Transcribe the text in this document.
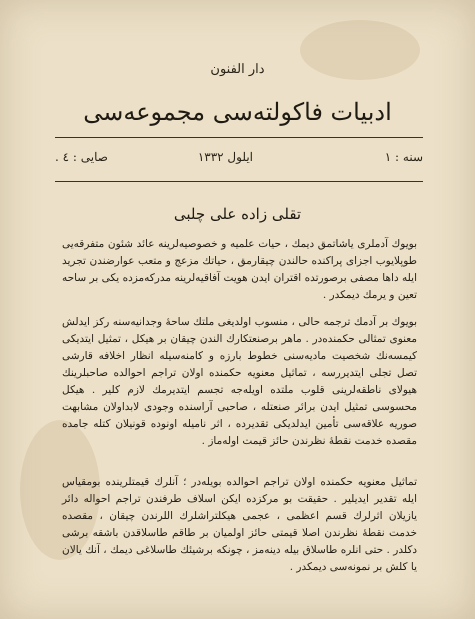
دار الفنون
ادبیات فاکولته‌سی مجموعه‌سی
سنه : ١
ایلول ١٣٣٢
صایی : ٤ .
تقلی زاده علی چلبی

بویوك آدملری یاشاتمق دیمك ، حیات علمیه و خصوصیه‌لرینه عائد شئون متفرقه‌یی طوپلایوب اجزای پراکنده حالندن چیقارمق ، حیاتك مزعج و متعب عوارضندن تجرید ایله داها مصفی برصورتده اقتران ایدن هویت آفاقیه‌لرینه مدرکه‌مزده یکی بر ساحه تعین و یرمك دیمکدر .

بویوك بر آدمك ترجمه حالی ، منسوب اولدیغی ملتك ساحهٔ وجدانیه‌سنه رکز ایدلش معنوی تمثالی حکمنده‌در . ماهر برصنعتکارك الندن چیقان بر هیکل ، تمثیل ایتدیکی کیمسه‌نك شخصیت مادیه‌سنی خطوط بارزه و کامنه‌سیله انظار اخلافه قارشی تصل تجلی ایتدیررسه ، تماثیل معنویه حکمنده اولان تراجم احوالده صاحبلرینك هیولای ناطقه‌لرینی قلوب ملتده اویله‌جه تجسم ایتدیرمك لازم کلیر . هیکل محسوسی تمثیل ایدن برائر صنعتله ، صاحبی آرا‌سنده وجودی لابداولان مشابهت صوریه علاقه‌سی تأمین ایدلدیکی تقدیرده ، اثر نامیله اونوده قونیلان کتله جامده مقصده خدمت نقطهٔ نظرندن حائز قیمت اوله‌ماز .

تماثیل معنویه حکمنده اولان تراجم احوالده بویله‌در ؛ آنلرك قیمتلرینده بومقیاس ایله تقدیر ایدیلیر . حقیقت بو مرکزده ایکن اسلاف طرفندن تراجم احواله دائر یازیلان اثرلرك قسم اعظمی ، عجمی هیکلتراشلرك اللرندن چیقان ، مقصده خدمت نقطهٔ نظرندن اصلا قیمتی حائز اولمیان بر طاقم طاسلاقدن باشقه برشی دکلدر . حتی انلره طاسلاق بیله دینه‌مز ، چونکه برشیئك طاسلاغی دیمك ، آنك یالان یا کلش بر نمونه‌سی دیمکدر .
